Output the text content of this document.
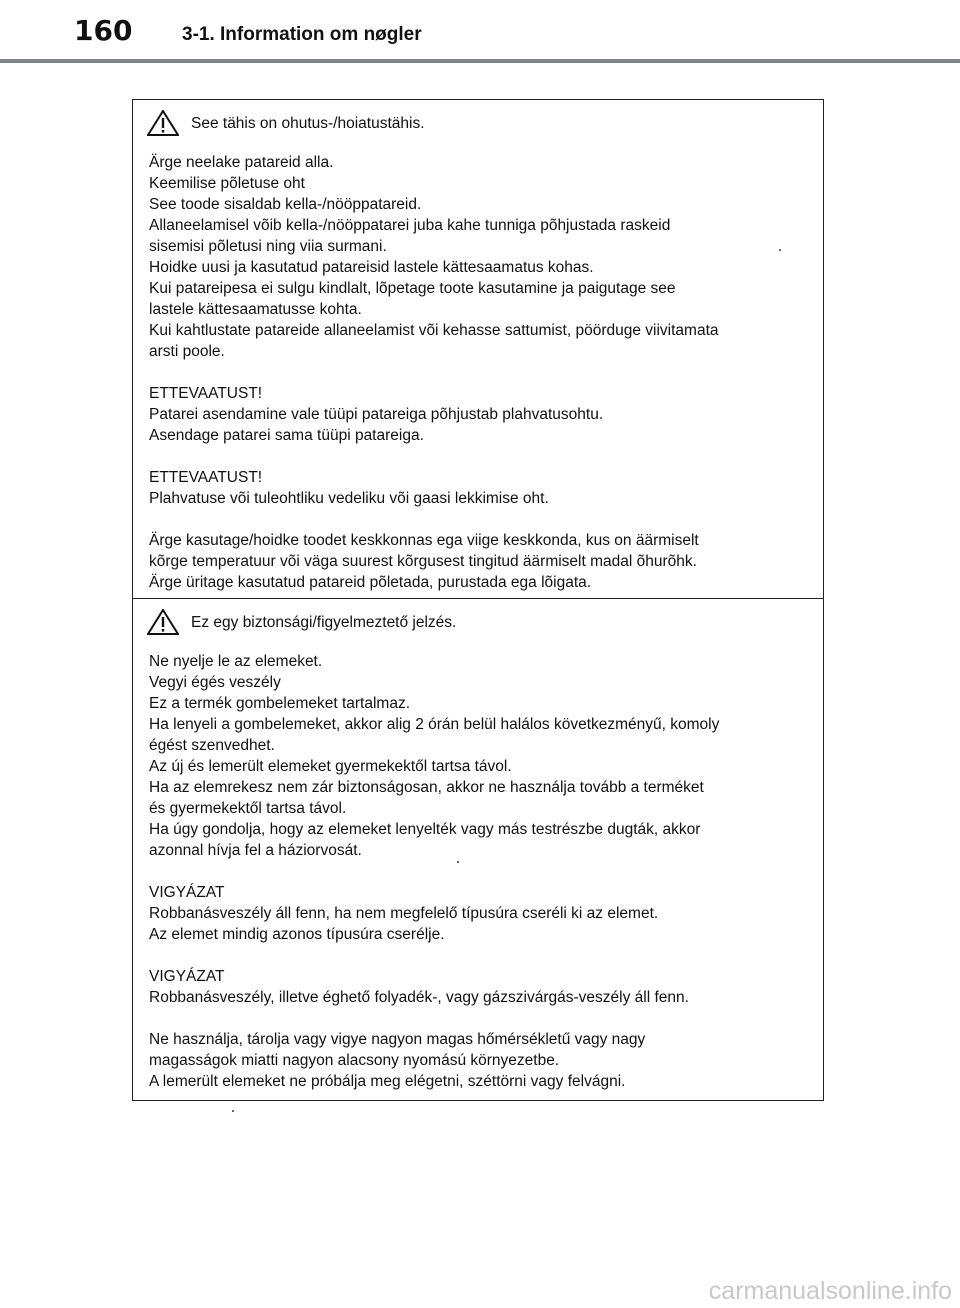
160	3-1. Information om nøgler
See tähis on ohutus-/hoiatustähis.
Ärge neelake patareid alla.
Keemilise põletuse oht
See toode sisaldab kella-/nööppatareid.
Allaneelamisel võib kella-/nööppatarei juba kahe tunniga põhjustada raskeid
sisemisi põletusi ning viia surmani.
Hoidke uusi ja kasutatud patareisid lastele kättesaamatus kohas.
Kui patareipesa ei sulgu kindlalt, lõpetage toote kasutamine ja paigutage see
lastele kättesaamatusse kohta.
Kui kahtlustate patareide allaneelamist või kehasse sattumist, pöörduge viivitamata
arsti poole.
ETTEVAATUST!
Patarei asendamine vale tüüpi patareiga põhjustab plahvatusohtu.
Asendage patarei sama tüüpi patareiga.
ETTEVAATUST!
Plahvatuse või tuleohtliku vedeliku või gaasi lekkimise oht.
Ärge kasutage/hoidke toodet keskkonnas ega viige keskkonda, kus on äärmiselt
kõrge temperatuur või väga suurest kõrgusest tingitud äärmiselt madal õhurõhk.
Ärge üritage kasutatud patareid põletada, purustada ega lõigata.
Ez egy biztonsági/figyelmeztető jelzés.
Ne nyelje le az elemeket.
Vegyi égés veszély
Ez a termék gombelemeket tartalmaz.
Ha lenyeli a gombelemeket, akkor alig 2 órán belül halálos következményű, komoly
égést szenvedhet.
Az új és lemerült elemeket gyermekektől tartsa távol.
Ha az elemrekesz nem zár biztonságosan, akkor ne használja tovább a terméket
és gyermekektől tartsa távol.
Ha úgy gondolja, hogy az elemeket lenyelték vagy más testrészbe dugták, akkor
azonnal hívja fel a háziorvosát.
VIGYÁZAT
Robbanásveszély áll fenn, ha nem megfelelő típusúra cseréli ki az elemet.
Az elemet mindig azonos típusúra cserélje.
VIGYÁZAT
Robbanásveszély, illetve éghető folyadék-, vagy gázszivárgás-veszély áll fenn.
Ne használja, tárolja vagy vigye nagyon magas hőmérsékletű vagy nagy
magasságok miatti nagyon alacsony nyomású környezetbe.
A lemerült elemeket ne próbálja meg elégetni, széttörni vagy felvágni.
carmanualsonline.info
